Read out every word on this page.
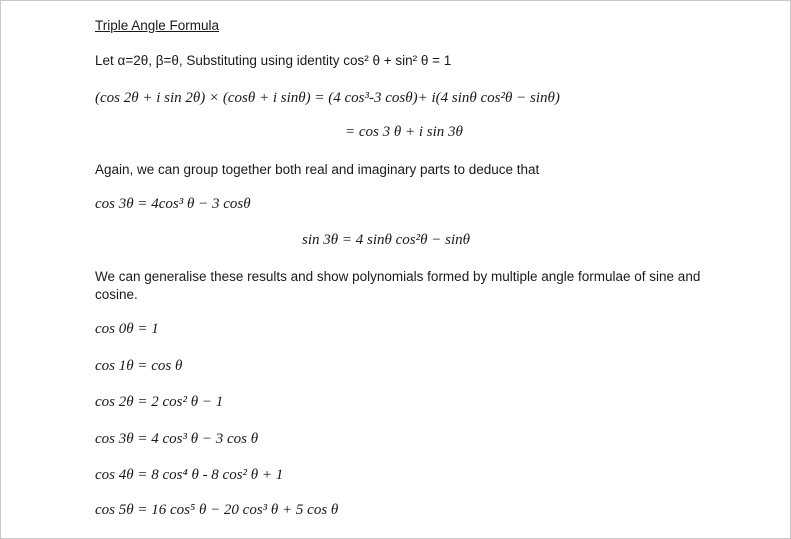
Triple Angle Formula
Let α=2θ, β=θ, Substituting using identity cos² θ + sin² θ = 1
(cos 2θ + i sin 2θ) × (cosθ + i sinθ) = (4 cos³-3 cosθ)+ i(4 sinθ cos²θ − sinθ)
= cos 3 θ + i sin 3θ
Again, we can group together both real and imaginary parts to deduce that
cos 3θ = 4cos³ θ − 3 cosθ
sin 3θ = 4 sinθ cos²θ − sinθ
We can generalise these results and show polynomials formed by multiple angle formulae of sine and cosine.
cos 0θ = 1
cos 1θ = cos θ
cos 2θ = 2 cos² θ − 1
cos 3θ = 4 cos³ θ − 3 cos θ
cos 4θ = 8 cos⁴ θ - 8 cos² θ + 1
cos 5θ = 16 cos⁵ θ − 20 cos³ θ + 5 cos θ
